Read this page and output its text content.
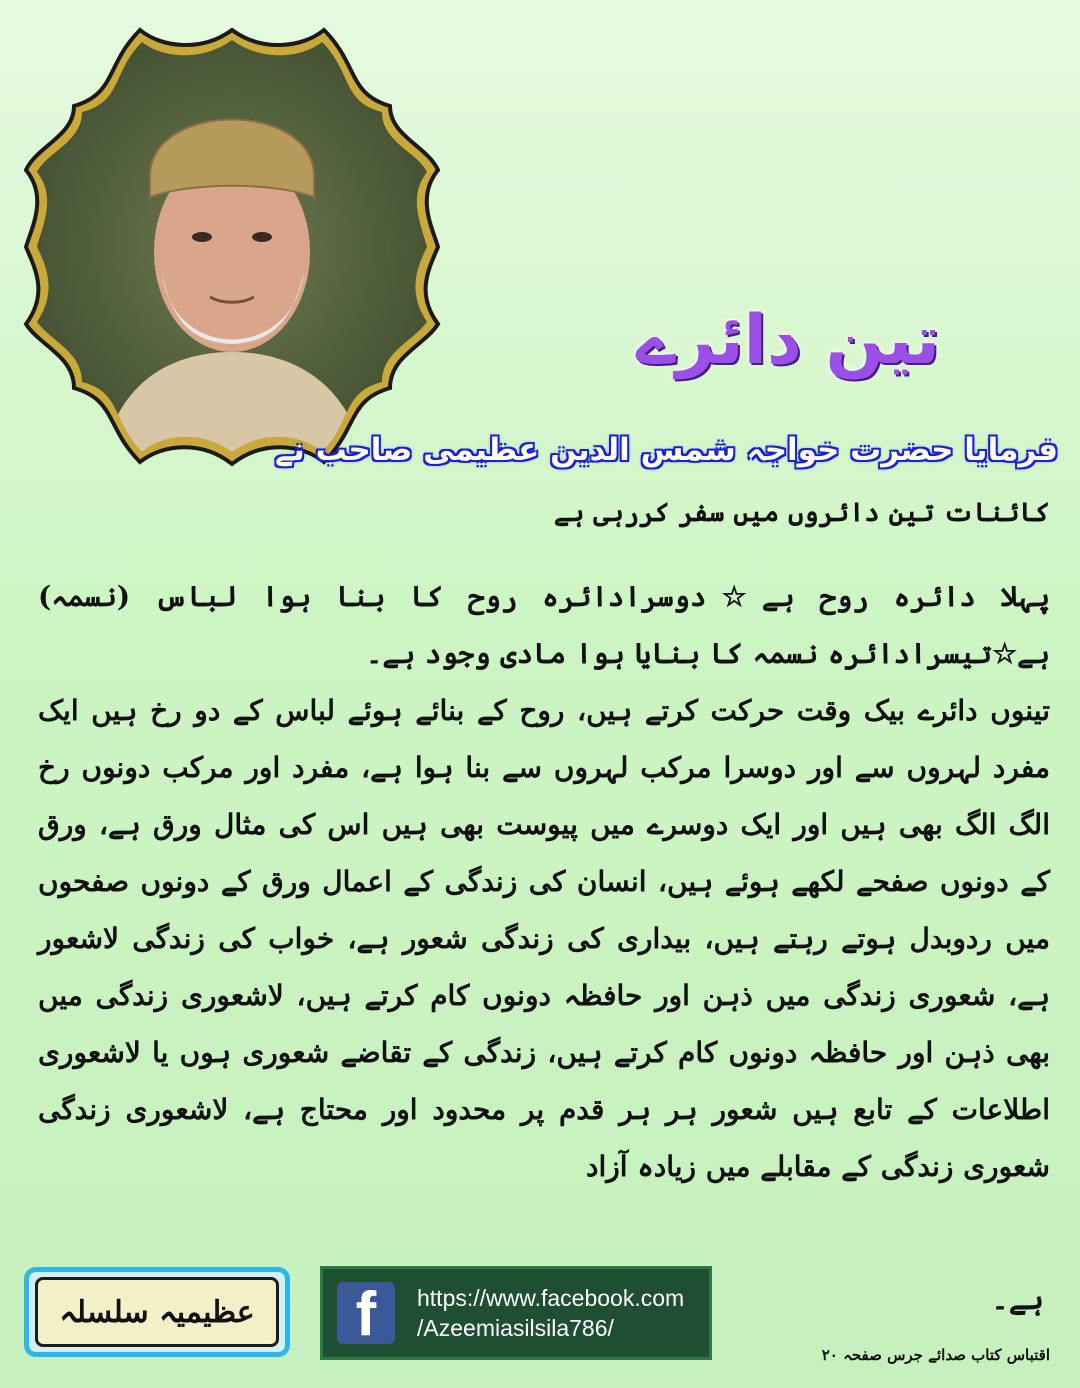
تین دائرے
فرمایا حضرت خواجہ شمس الدین عظیمی صاحب نے
کائنات تین دائروں میں سفر کررہی ہے

پہلا دائرہ روح ہے☆دوسرادائرہ روح کا بنا ہوا لباس (نسمہ) ہے☆تیسرادائرہ نسمہ کا بنایا ہوا مادی وجود ہے۔

تینوں دائرے بیک وقت حرکت کرتے ہیں، روح کے بنائے ہوئے لباس کے دو رخ ہیں ایک مفرد لہروں سے اور دوسرا مرکب لہروں سے بنا ہوا ہے، مفرد اور مرکب دونوں رخ الگ الگ بھی ہیں اور ایک دوسرے میں پیوست بھی ہیں اس کی مثال ورق ہے، ورق کے دونوں صفحے لکھے ہوئے ہیں، انسان کی زندگی کے اعمال ورق کے دونوں صفحوں میں ردوبدل ہوتے رہتے ہیں، بیداری کی زندگی شعور ہے، خواب کی زندگی لاشعور ہے، شعوری زندگی میں ذہن اور حافظہ دونوں کام کرتے ہیں، لاشعوری زندگی میں بھی ذہن اور حافظہ دونوں کام کرتے ہیں، زندگی کے تقاضے شعوری ہوں یا لاشعوری اطلاعات کے تابع ہیں شعور ہر ہر قدم پر محدود اور محتاج ہے، لاشعوری زندگی شعوری زندگی کے مقابلے میں زیادہ آزاد

عظیمیہ سلسلہ	f https://www.facebook.com
/Azeemiasilsila786/
ہے۔
اقتباس کتاب صدائے جرس صفحہ ۲۰
